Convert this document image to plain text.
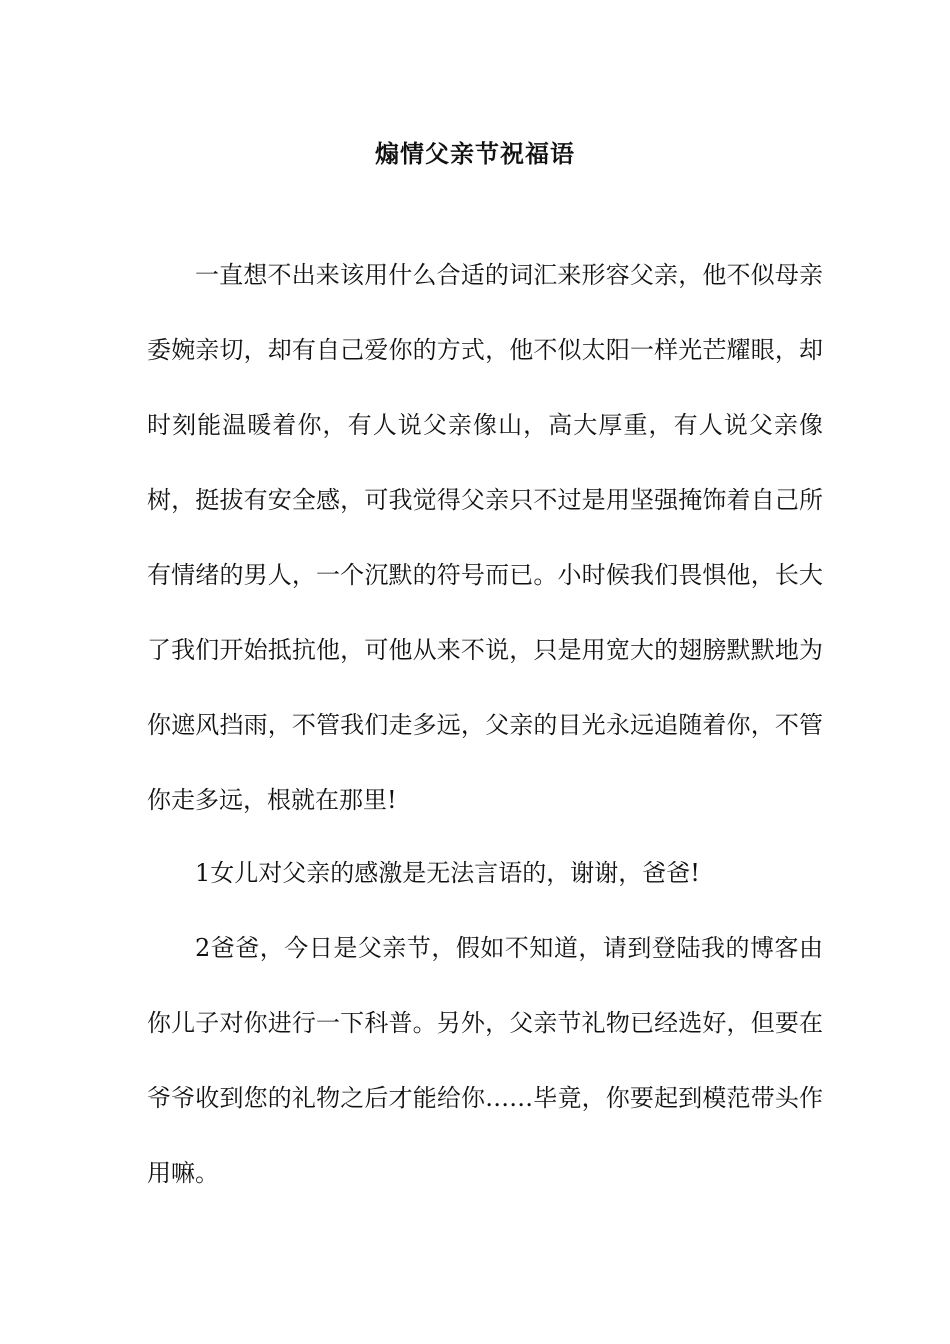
煽情父亲节祝福语

一直想不出来该用什么合适的词汇来形容父亲，他不似母亲委婉亲切，却有自己爱你的方式，他不似太阳一样光芒耀眼，却时刻能温暖着你，有人说父亲像山，高大厚重，有人说父亲像树，挺拔有安全感，可我觉得父亲只不过是用坚强掩饰着自己所有情绪的男人，一个沉默的符号而已。小时候我们畏惧他，长大了我们开始抵抗他，可他从来不说，只是用宽大的翅膀默默地为你遮风挡雨，不管我们走多远，父亲的目光永远追随着你，不管你走多远，根就在那里!

1女儿对父亲的感激是无法言语的，谢谢，爸爸!

2爸爸，今日是父亲节，假如不知道，请到登陆我的博客由你儿子对你进行一下科普。另外，父亲节礼物已经选好，但要在爷爷收到您的礼物之后才能给你……毕竟，你要起到模范带头作用嘛。
